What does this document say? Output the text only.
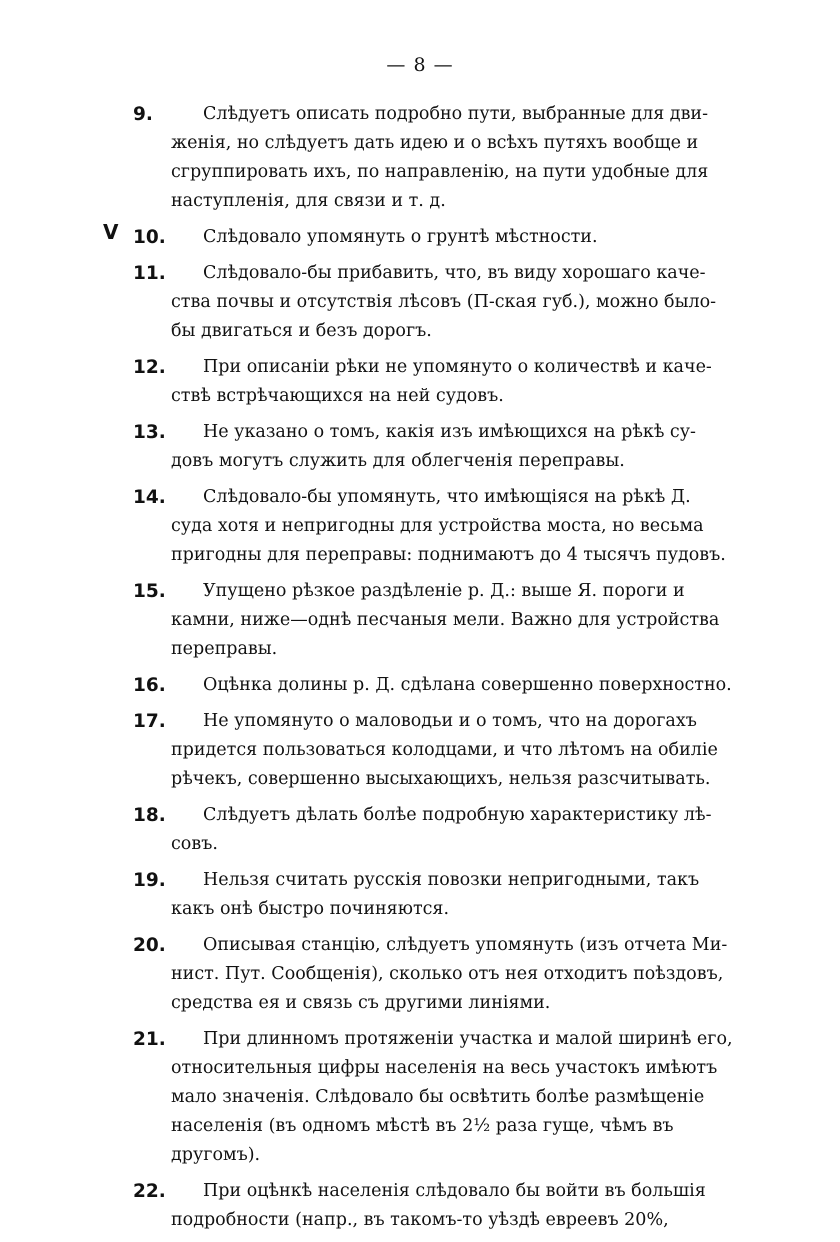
— 8 —
9.	Слѣдуетъ описать подробно пути, выбранные для дви-
женія, но слѣдуетъ дать идею и о всѣхъ путяхъ вообще и
сгруппировать ихъ, по направленію, на пути удобные для
наступленія, для связи и т. д.
V 10. Слѣдовало упомянуть о грунтѣ мѣстности.
11. Слѣдовало-бы прибавить, что, въ виду хорошаго каче-
ства почвы и отсутствія лѣсовъ (П-ская губ.), можно было-
бы двигаться и безъ дорогъ.
12. При описаніи рѣки не упомянуто о количествѣ и каче-
ствѣ встрѣчающихся на ней судовъ.
13. Не указано о томъ, какія изъ имѣющихся на рѣкѣ су-
довъ могутъ служить для облегченія переправы.
14. Слѣдовало-бы упомянуть, что имѣющіяся на рѣкѣ Д.
суда хотя и непригодны для устройства моста, но весьма
пригодны для переправы: поднимаютъ до 4 тысячъ пудовъ.
15. Упущено рѣзкое раздѣленіе р. Д.: выше Я. пороги и
камни, ниже—однѣ песчаныя мели. Важно для устройства
переправы.
16. Оцѣнка долины р. Д. сдѣлана совершенно поверхностно.
17. Не упомянуто о маловодьи и о томъ, что на дорогахъ
придется пользоваться колодцами, и что лѣтомъ на обиліе
рѣчекъ, совершенно высыхающихъ, нельзя разсчитывать.
18. Слѣдуетъ дѣлать болѣе подробную характеристику лѣ-
совъ.
19. Нельзя считать русскія повозки непригодными, такъ
какъ онѣ быстро починяются.
20. Описывая станцію, слѣдуетъ упомянуть (изъ отчета Ми-
нист. Пут. Сообщенія), сколько отъ нея отходитъ поѣздовъ,
средства ея и связь съ другими линіями.
21. При длинномъ протяженіи участка и малой ширинѣ его,
относительныя цифры населенія на весь участокъ имѣютъ
мало значенія. Слѣдовало бы освѣтить болѣе размѣщеніе
населенія (въ одномъ мѣстѣ въ 2½ раза гуще, чѣмъ въ
другомъ).
22. При оцѣнкѣ населенія слѣдовало бы войти въ большія
подробности (напр., въ такомъ-то уѣздѣ евреевъ 20%,
